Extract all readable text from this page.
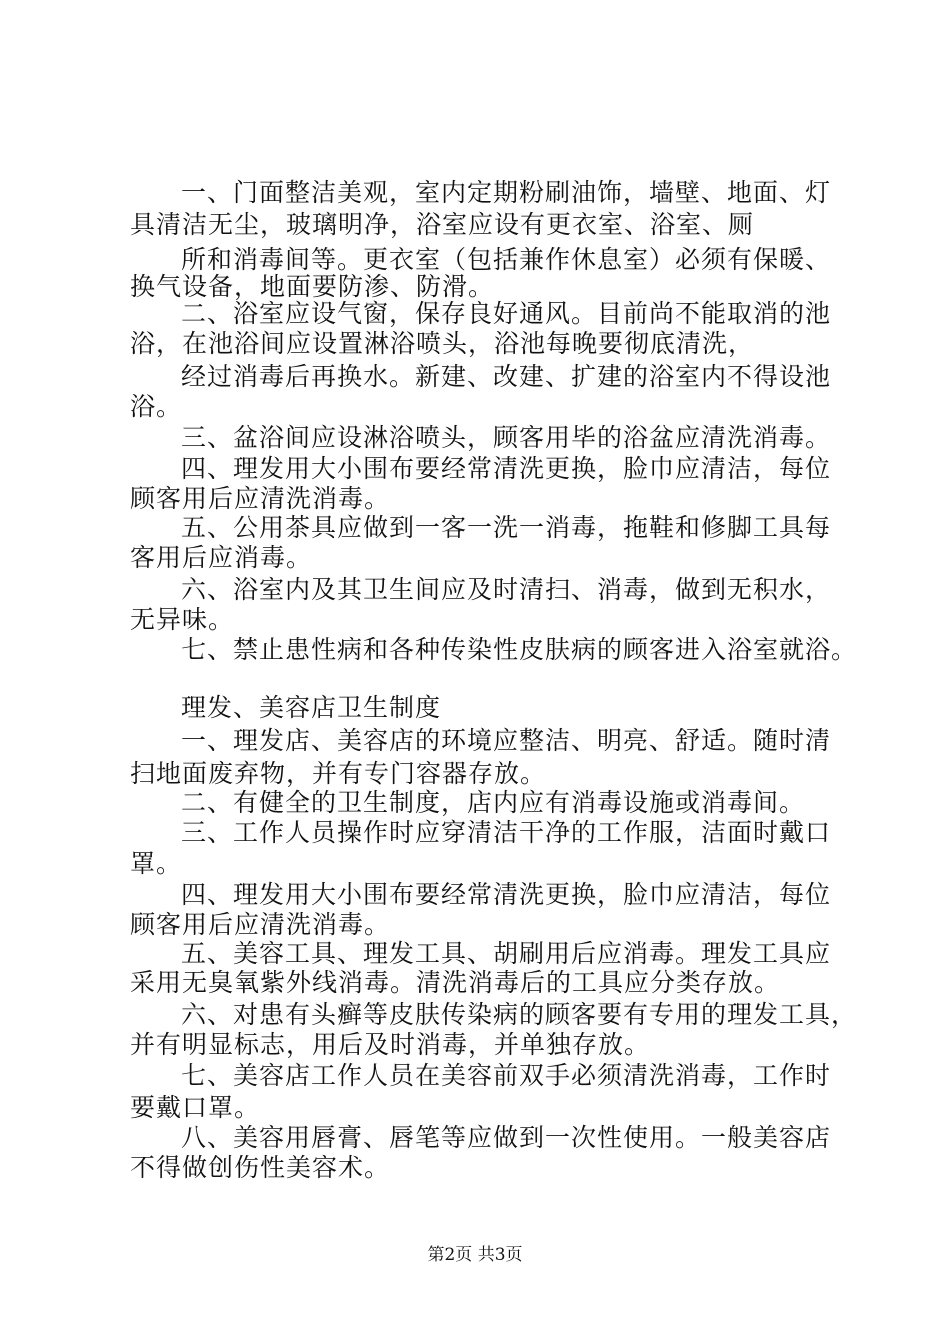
一、门面整洁美观，室内定期粉刷油饰，墙壁、地面、灯
具清洁无尘，玻璃明净，浴室应设有更衣室、浴室、厕
所和消毒间等。更衣室（包括兼作休息室）必须有保暖、
换气设备，地面要防渗、防滑。
二、浴室应设气窗，保存良好通风。目前尚不能取消的池
浴，在池浴间应设置淋浴喷头，浴池每晚要彻底清洗，
经过消毒后再换水。新建、改建、扩建的浴室内不得设池
浴。
三、盆浴间应设淋浴喷头，顾客用毕的浴盆应清洗消毒。
四、理发用大小围布要经常清洗更换，脸巾应清洁，每位
顾客用后应清洗消毒。
五、公用茶具应做到一客一洗一消毒，拖鞋和修脚工具每
客用后应消毒。
六、浴室内及其卫生间应及时清扫、消毒，做到无积水，
无异味。
七、禁止患性病和各种传染性皮肤病的顾客进入浴室就浴。
理发、美容店卫生制度
一、理发店、美容店的环境应整洁、明亮、舒适。随时清
扫地面废弃物，并有专门容器存放。
二、有健全的卫生制度，店内应有消毒设施或消毒间。
三、工作人员操作时应穿清洁干净的工作服，洁面时戴口
罩。
四、理发用大小围布要经常清洗更换，脸巾应清洁，每位
顾客用后应清洗消毒。
五、美容工具、理发工具、胡刷用后应消毒。理发工具应
采用无臭氧紫外线消毒。清洗消毒后的工具应分类存放。
六、对患有头癣等皮肤传染病的顾客要有专用的理发工具，
并有明显标志，用后及时消毒，并单独存放。
七、美容店工作人员在美容前双手必须清洗消毒，工作时
要戴口罩。
八、美容用唇膏、唇笔等应做到一次性使用。一般美容店
不得做创伤性美容术。
第2页 共3页
